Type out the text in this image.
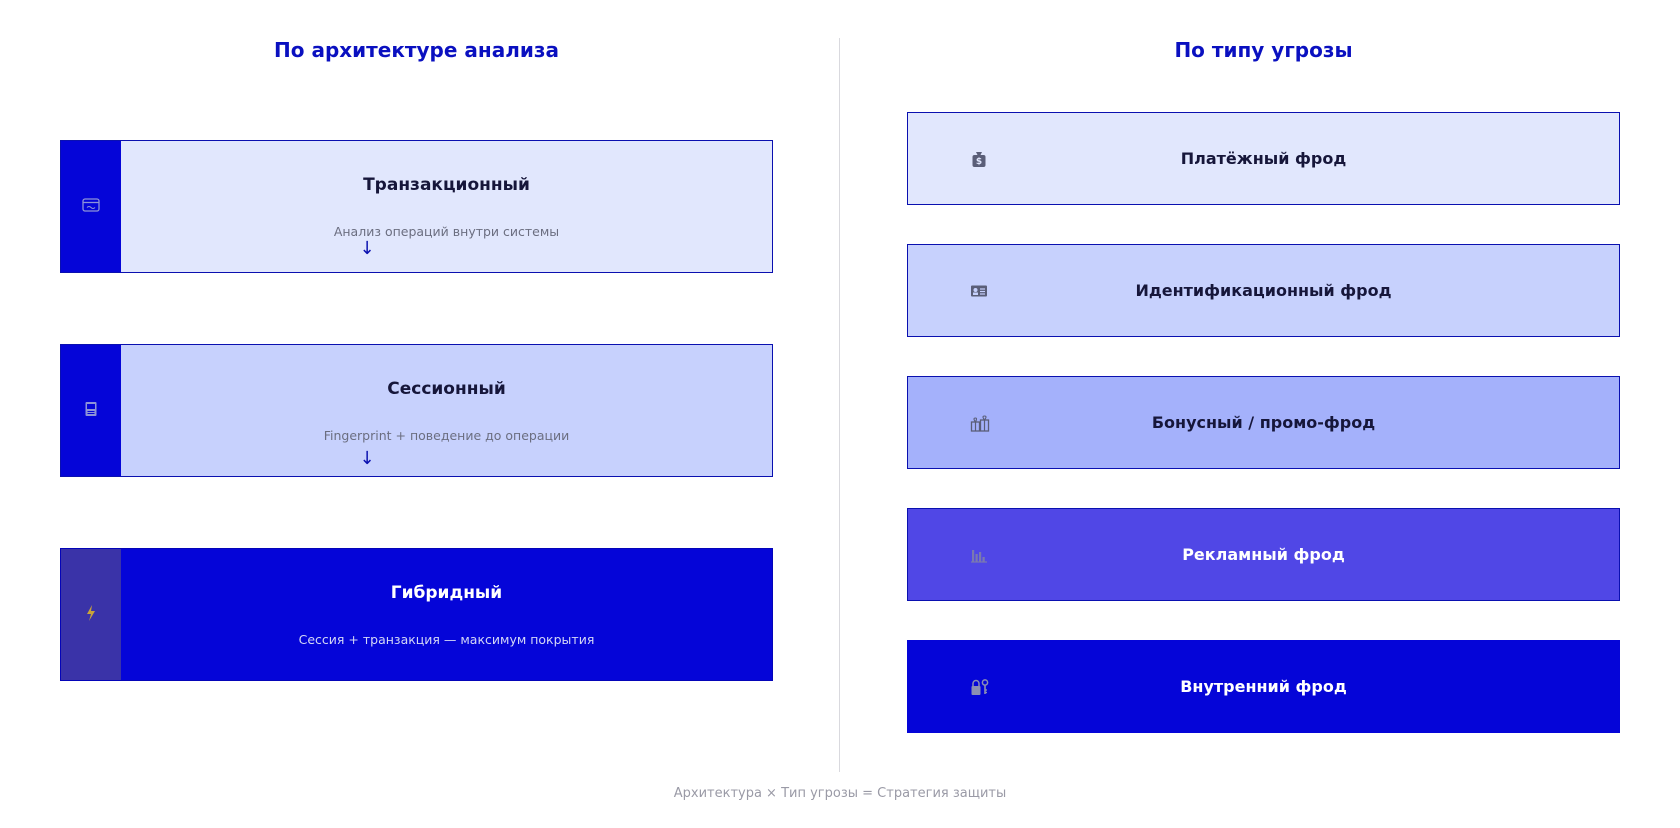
По архитектуре анализа	По типу угрозы
Транзакционный
Анализ операций внутри системы
↓
Сессионный
Fingerprint + поведение до операции
↓
Гибридный
Сессия + транзакция — максимум покрытия
$	Платёжный фрод
Идентификационный фрод
Бонусный / промо-фрод
Рекламный фрод
Внутренний фрод
Архитектура × Тип угрозы = Стратегия защиты
